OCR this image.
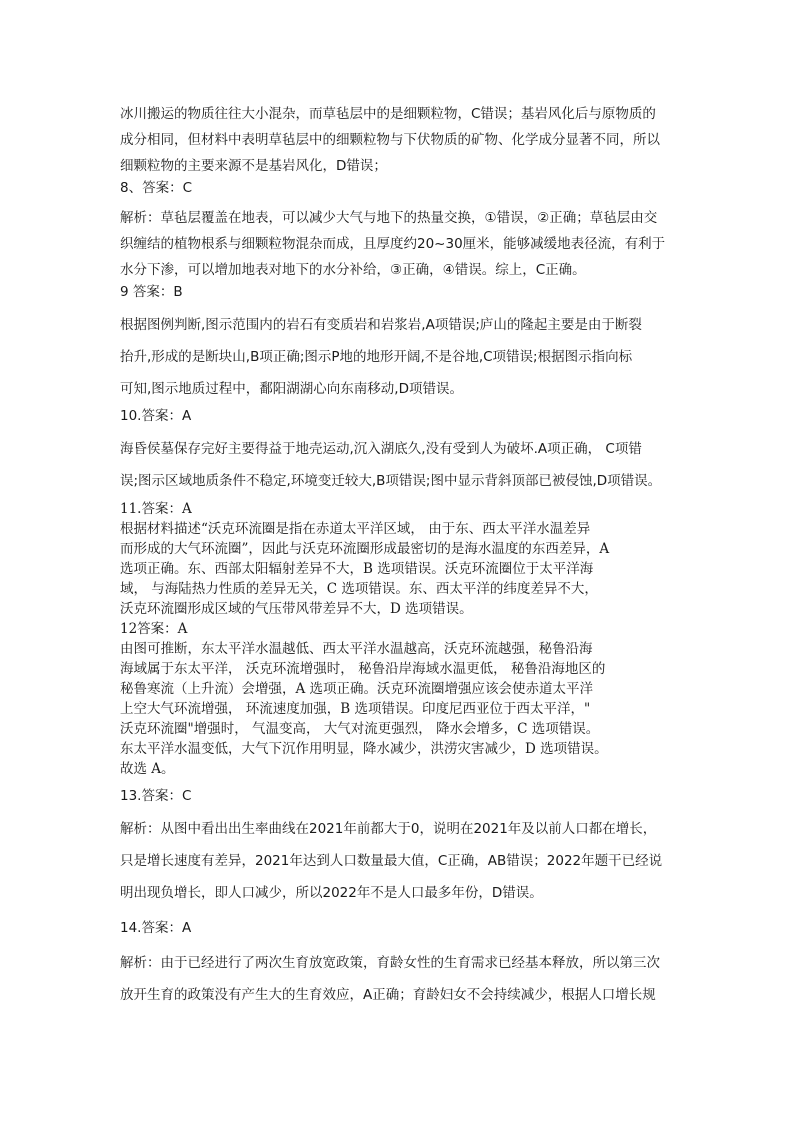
冰川搬运的物质往往大小混杂，而草毡层中的是细颗粒物，C错误；基岩风化后与原物质的
成分相同，但材料中表明草毡层中的细颗粒物与下伏物质的矿物、化学成分显著不同，所以
细颗粒物的主要来源不是基岩风化，D错误；
8、答案：C
解析：草毡层覆盖在地表，可以减少大气与地下的热量交换，①错误，②正确；草毡层由交
织缠结的植物根系与细颗粒物混杂而成，且厚度约20~30厘米，能够减缓地表径流，有利于
水分下渗，可以增加地表对地下的水分补给，③正确，④错误。综上，C正确。
9 答案：B
根据图例判断,图示范围内的岩石有变质岩和岩浆岩,A项错误;庐山的隆起主要是由于断裂
抬升,形成的是断块山,B项正确;图示P地的地形开阔,不是谷地,C项错误;根据图示指向标
可知,图示地质过程中，鄱阳湖湖心向东南移动,D项错误。
10.答案：A
海昏侯墓保存完好主要得益于地壳运动,沉入湖底久,没有受到人为破坏.A项正确， C项错
误;图示区域地质条件不稳定,环境变迁较大,B项错误;图中显示背斜顶部已被侵蚀,D项错误。
11.答案：A
根据材料描述“沃克环流圈是指在赤道太平洋区域， 由于东、西太平洋水温差异
而形成的大气环流圈”，因此与沃克环流圈形成最密切的是海水温度的东西差异，A
选项正确。东、西部太阳辐射差异不大，B 选项错误。沃克环流圈位于太平洋海
域， 与海陆热力性质的差异无关，C 选项错误。东、西太平洋的纬度差异不大，
沃克环流圈形成区域的气压带风带差异不大，D 选项错误。
12答案：A
由图可推断，东太平洋水温越低、西太平洋水温越高，沃克环流越强，秘鲁沿海
海域属于东太平洋， 沃克环流增强时， 秘鲁沿岸海域水温更低， 秘鲁沿海地区的
秘鲁寒流（上升流）会增强，A 选项正确。沃克环流圈增强应该会使赤道太平洋
上空大气环流增强， 环流速度加强，B 选项错误。印度尼西亚位于西太平洋，"
沃克环流圈"增强时， 气温变高， 大气对流更强烈， 降水会增多，C 选项错误。
东太平洋水温变低，大气下沉作用明显，降水减少，洪涝灾害减少，D 选项错误。
故选 A。
13.答案：C
解析：从图中看出出生率曲线在2021年前都大于0，说明在2021年及以前人口都在增长，
只是增长速度有差异，2021年达到人口数量最大值，C正确，AB错误；2022年题干已经说
明出现负增长，即人口减少，所以2022年不是人口最多年份，D错误。
14.答案：A
解析：由于已经进行了两次生育放宽政策，育龄女性的生育需求已经基本释放，所以第三次
放开生育的政策没有产生大的生育效应，A正确；育龄妇女不会持续减少，根据人口增长规
